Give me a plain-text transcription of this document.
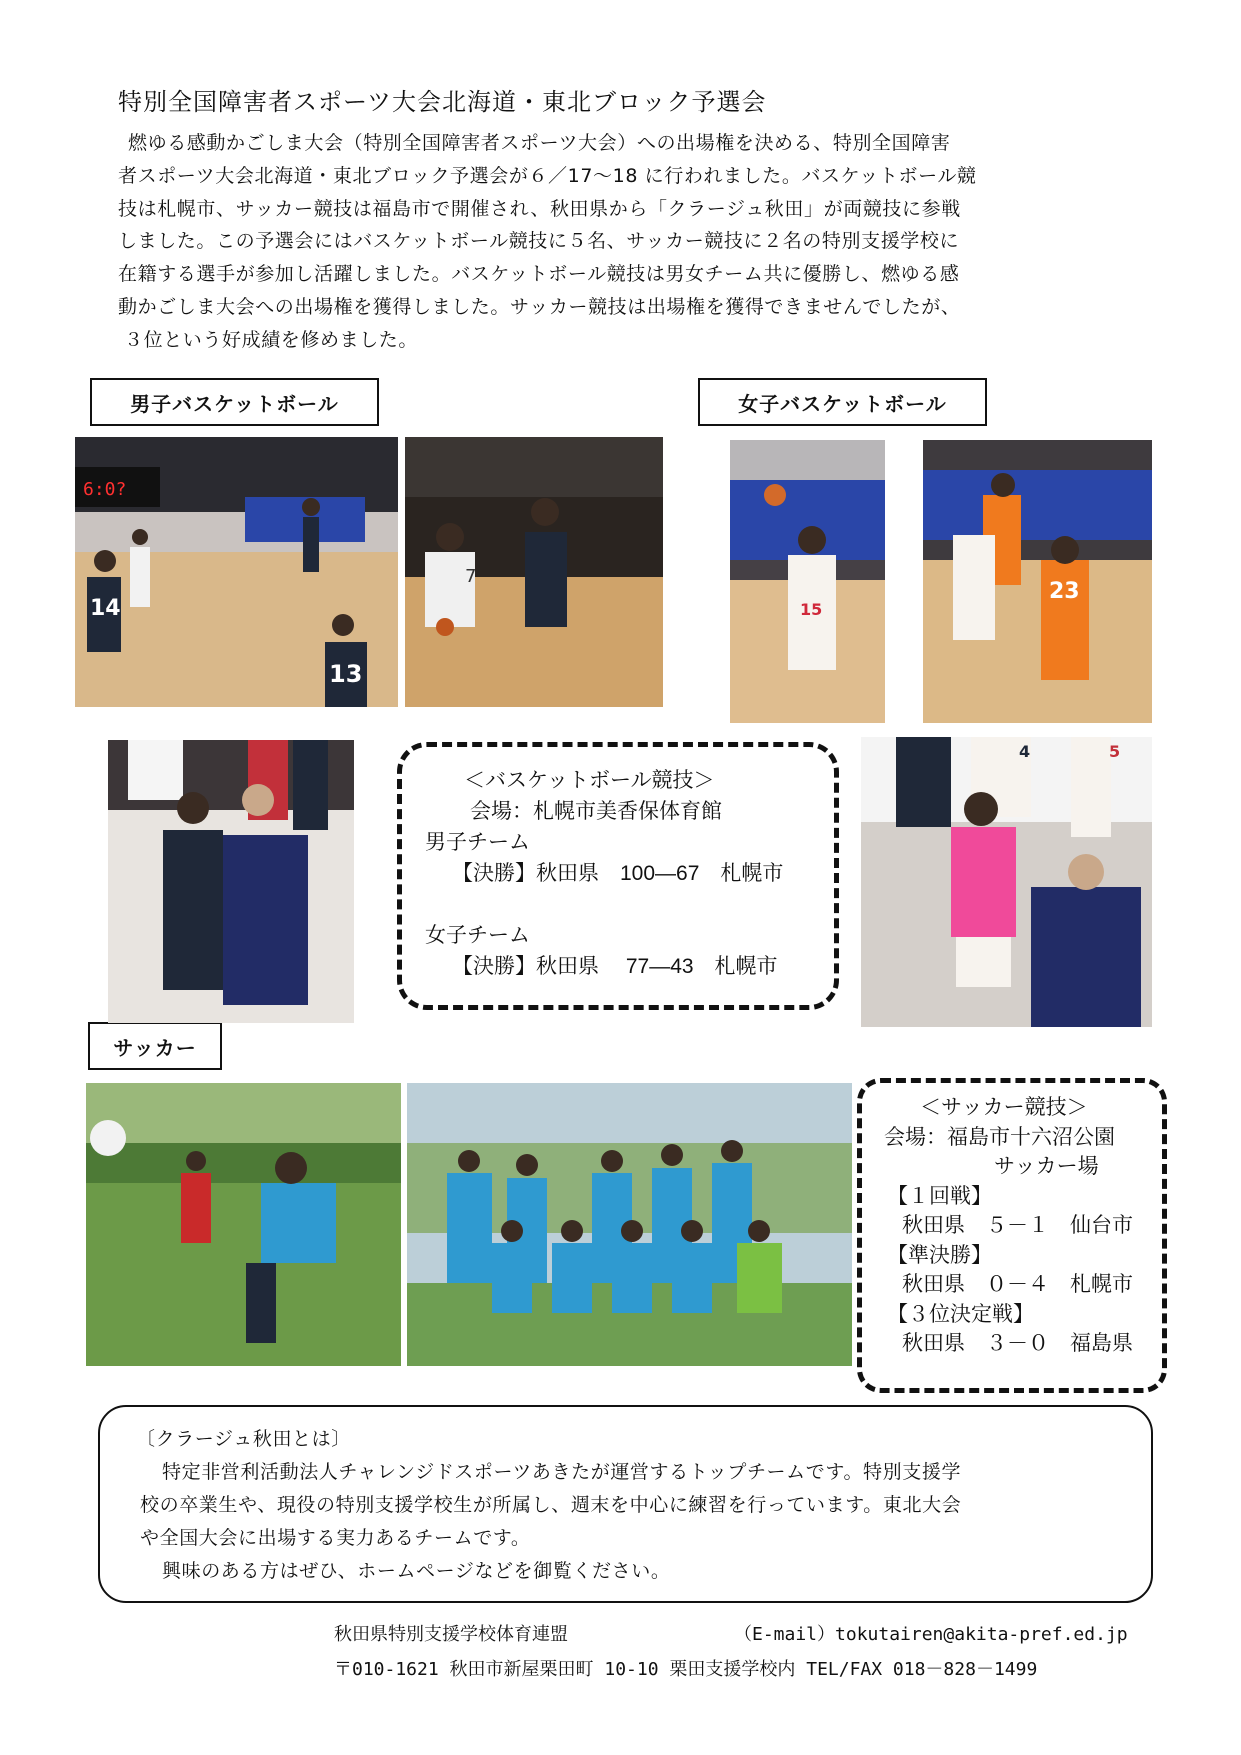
特別全国障害者スポーツ大会北海道・東北ブロック予選会
燃ゆる感動かごしま大会（特別全国障害者スポーツ大会）への出場権を決める、特別全国障害
者スポーツ大会北海道・東北ブロック予選会が６／17～18 に行われました。バスケットボール競
技は札幌市、サッカー競技は福島市で開催され、秋田県から「クラージュ秋田」が両競技に参戦
しました。この予選会にはバスケットボール競技に５名、サッカー競技に２名の特別支援学校に
在籍する選手が参加し活躍しました。バスケットボール競技は男女チーム共に優勝し、燃ゆる感
動かごしま大会への出場権を獲得しました。サッカー競技は出場権を獲得できませんでしたが、
３位という好成績を修めました。
男子バスケットボール	女子バスケットボール
サッカー
6:0?
14
13
7
15
23
4	5
＜バスケットボール競技＞
会場：札幌市美香保体育館
男子チーム
【決勝】秋田県　100―67　札幌市
女子チーム
【決勝】秋田県　 77―43　札幌市
＜サッカー競技＞
会場：福島市十六沼公園
サッカー場
【１回戦】
秋田県　５－１　仙台市
【準決勝】
秋田県　０－４　札幌市
【３位決定戦】
秋田県　３－０　福島県
〔クラージュ秋田とは〕
特定非営利活動法人チャレンジドスポーツあきたが運営するトップチームです。特別支援学
校の卒業生や、現役の特別支援学校生が所属し、週末を中心に練習を行っています。東北大会
や全国大会に出場する実力あるチームです。
興味のある方はぜひ、ホームページなどを御覧ください。
秋田県特別支援学校体育連盟	（E-mail）tokutairen@akita-pref.ed.jp
〒010-1621 秋田市新屋栗田町 10-10 栗田支援学校内 TEL/FAX 018－828－1499
